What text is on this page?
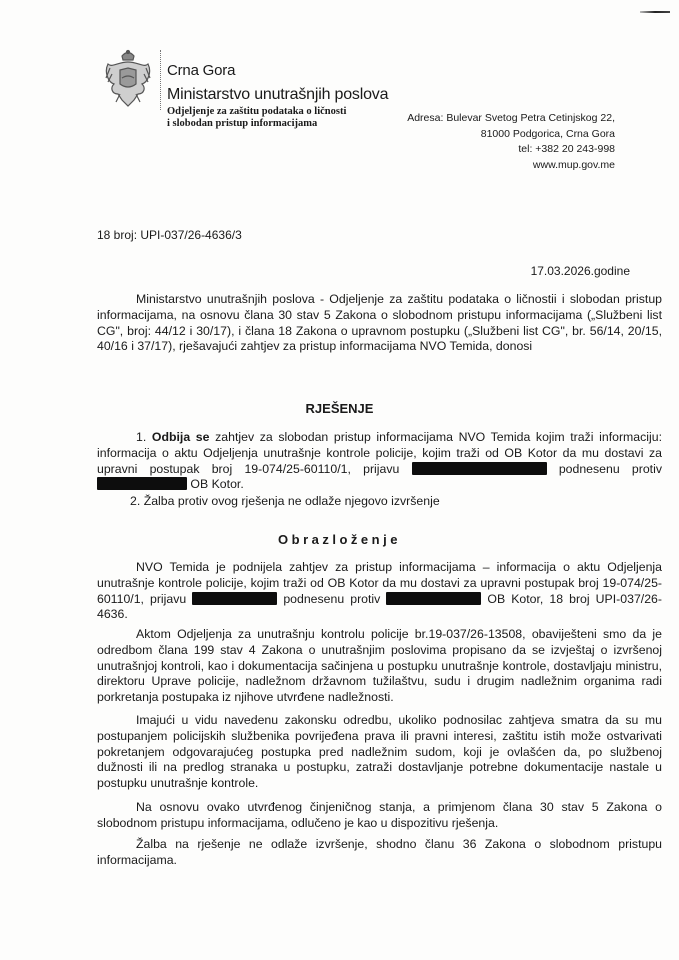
Crna Gora
Ministarstvo unutrašnjih poslova
Odjeljenje za zaštitu podataka o ličnosti
i slobodan pristup informacijama	Adresa: Bulevar Svetog Petra Cetinjskog 22,
81000 Podgorica, Crna Gora
tel: +382 20 243-998
www.mup.gov.me
18 broj: UPI-037/26-4636/3
17.03.2026.godine
Ministarstvo unutrašnjih poslova - Odjeljenje za zaštitu podataka o ličnostii i slobodan pristup informacijama, na osnovu člana 30 stav 5 Zakona o slobodnom pristupu informacijama („Službeni list CG", broj: 44/12 i 30/17), i člana 18 Zakona o upravnom postupku („Službeni list CG", br. 56/14, 20/15, 40/16 i 37/17), rješavajući zahtjev za pristup informacijama NVO Temida, donosi
RJEŠENJE
1. Odbija se zahtjev za slobodan pristup informacijama NVO Temida kojim traži informaciju: informacija o aktu Odjeljenja unutrašnje kontrole policije, kojim traži od OB Kotor da mu dostavi za upravni postupak broj 19-074/25-60110/1, prijavu	podnesenu protiv  OB Kotor.
2. Žalba protiv ovog rješenja ne odlaže njegovo izvršenje
Obrazloženje
NVO Temida je podnijela zahtjev za pristup informacijama – informacija o aktu Odjeljenja unutrašnje kontrole policije, kojim traži od OB Kotor da mu dostavi za upravni postupak broj 19-074/25-60110/1, prijavu	podnesenu protiv	OB Kotor, 18 broj UPI-037/26-4636.
Aktom Odjeljenja za unutrašnju kontrolu policije br.19-037/26-13508, obaviješteni smo da je odredbom člana 199 stav 4 Zakona o unutrašnjim poslovima propisano da se izvještaj o izvršenoj unutrašnjoj kontroli, kao i dokumentacija sačinjena u postupku unutrašnje kontrole, dostavljaju ministru, direktoru Uprave policije, nadležnom državnom tužilaštvu, sudu i drugim nadležnim organima radi porkretanja postupaka iz njihove utvrđene nadležnosti.
Imajući u vidu navedenu zakonsku odredbu, ukoliko podnosilac zahtjeva smatra da su mu postupanjem policijskih službenika povrijeđena prava ili pravni interesi, zaštitu istih može ostvarivati pokretanjem odgovarajućeg postupka pred nadležnim sudom, koji je ovlašćen da, po službenoj dužnosti ili na predlog stranaka u postupku, zatraži dostavljanje potrebne dokumentacije nastale u postupku unutrašnje kontrole.
Na osnovu ovako utvrđenog činjeničnog stanja, a primjenom člana 30 stav 5 Zakona o slobodnom pristupu informacijama, odlučeno je kao u dispozitivu rješenja.
Žalba na rješenje ne odlaže izvršenje, shodno članu 36 Zakona o slobodnom pristupu informacijama.
